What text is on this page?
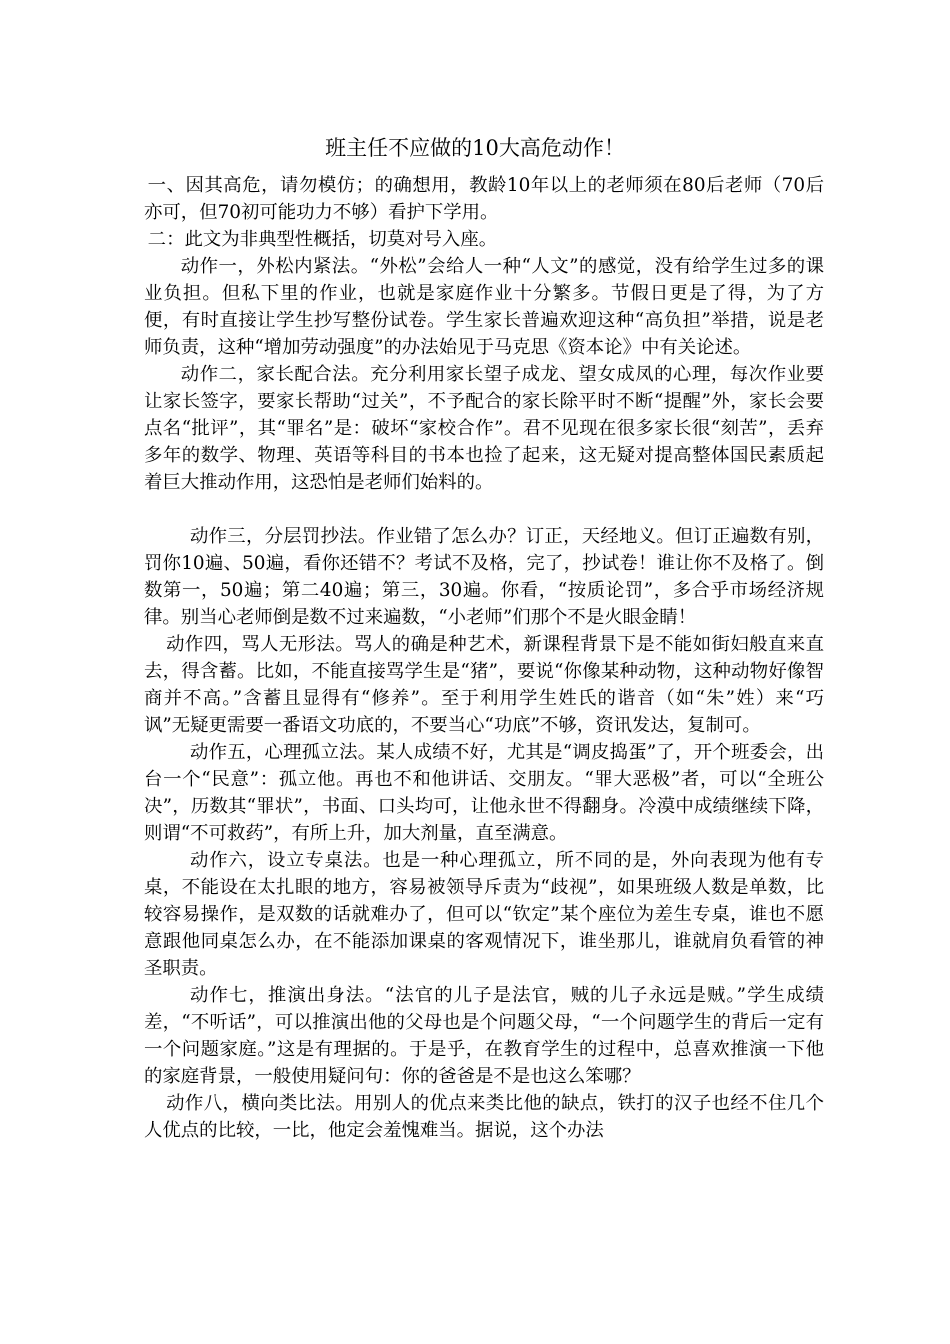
班主任不应做的10大高危动作！

一、因其高危，请勿模仿；的确想用，教龄10年以上的老师须在80后老师（70后亦可，但70初可能功力不够）看护下学用。

二：此文为非典型性概括，切莫对号入座。

动作一，外松内紧法。“外松”会给人一种“人文”的感觉，没有给学生过多的课业负担。但私下里的作业，也就是家庭作业十分繁多。节假日更是了得，为了方便，有时直接让学生抄写整份试卷。学生家长普遍欢迎这种“高负担”举措，说是老师负责，这种“增加劳动强度”的办法始见于马克思《资本论》中有关论述。

动作二，家长配合法。充分利用家长望子成龙、望女成凤的心理，每次作业要让家长签字，要家长帮助“过关”，不予配合的家长除平时不断“提醒”外，家长会要点名“批评”，其“罪名”是：破坏“家校合作”。君不见现在很多家长很“刻苦”，丢弃多年的数学、物理、英语等科目的书本也捡了起来，这无疑对提高整体国民素质起着巨大推动作用，这恐怕是老师们始料的。

动作三，分层罚抄法。作业错了怎么办？订正，天经地义。但订正遍数有别，罚你10遍、50遍，看你还错不？考试不及格，完了，抄试卷！谁让你不及格了。倒数第一，50遍；第二40遍；第三，30遍。你看，“按质论罚”，多合乎市场经济规律。别当心老师倒是数不过来遍数，“小老师”们那个不是火眼金睛！

动作四，骂人无形法。骂人的确是种艺术，新课程背景下是不能如街妇般直来直去，得含蓄。比如，不能直接骂学生是“猪”，要说“你像某种动物，这种动物好像智商并不高。”含蓄且显得有“修养”。至于利用学生姓氏的谐音（如“朱”姓）来“巧讽”无疑更需要一番语文功底的，不要当心“功底”不够，资讯发达，复制可。

动作五，心理孤立法。某人成绩不好，尤其是“调皮捣蛋”了，开个班委会，出台一个“民意”：孤立他。再也不和他讲话、交朋友。“罪大恶极”者，可以“全班公决”，历数其“罪状”，书面、口头均可，让他永世不得翻身。冷漠中成绩继续下降，则谓“不可救药”，有所上升，加大剂量，直至满意。

动作六，设立专桌法。也是一种心理孤立，所不同的是，外向表现为他有专桌，不能设在太扎眼的地方，容易被领导斥责为“歧视”，如果班级人数是单数，比较容易操作，是双数的话就难办了，但可以“钦定”某个座位为差生专桌，谁也不愿意跟他同桌怎么办，在不能添加课桌的客观情况下，谁坐那儿，谁就肩负看管的神圣职责。

动作七，推演出身法。“法官的儿子是法官，贼的儿子永远是贼。”学生成绩差，“不听话”，可以推演出他的父母也是个问题父母，“一个问题学生的背后一定有一个问题家庭。”这是有理据的。于是乎，在教育学生的过程中，总喜欢推演一下他的家庭背景，一般使用疑问句：你的爸爸是不是也这么笨哪？

动作八，横向类比法。用别人的优点来类比他的缺点，铁打的汉子也经不住几个人优点的比较，一比，他定会羞愧难当。据说，这个办法
